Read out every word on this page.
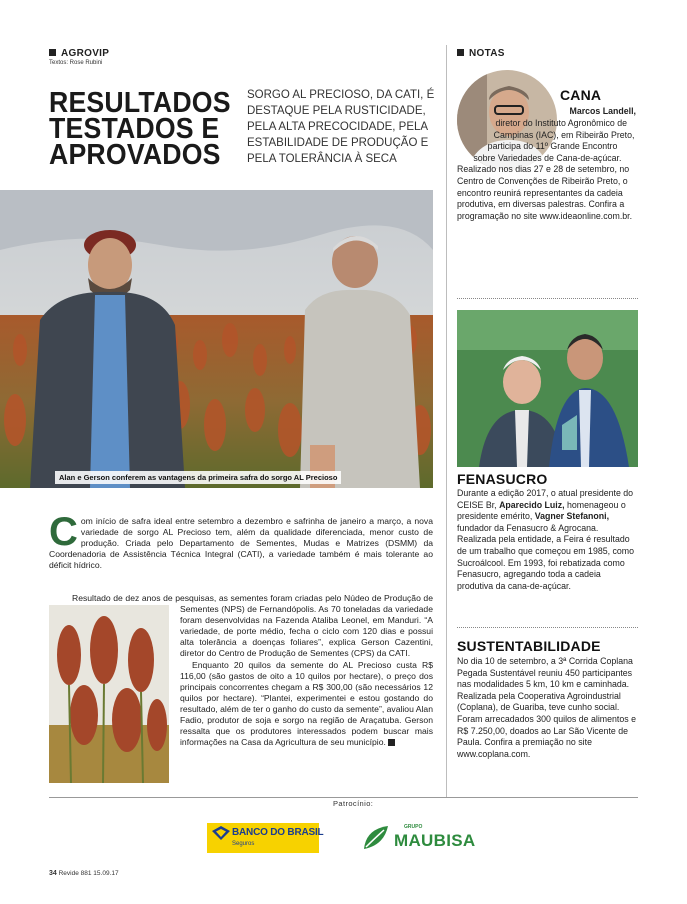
AGROVIP
Textos: Rose Rubini
NOTAS
RESULTADOS
TESTADOS E
APROVADOS
SORGO AL PRECIOSO, DA CATI, É DESTAQUE PELA RUSTICIDADE, PELA ALTA PRECOCIDADE, PELA ESTABILIDADE DE PRODUÇÃO E PELA TOLERÂNCIA À SECA
Alan e Gerson conferem as vantagens da primeira safra do sorgo AL Precioso

Com início de safra ideal entre setembro a dezembro e safrinha de janeiro a março, a nova variedade de sorgo AL Precioso tem, além da qualidade diferenciada, menor custo de produção. Criada pelo Departamento de Sementes, Mudas e Matrizes (DSMM) da Coordenadoria de Assistência Técnica Integral (CATI), a variedade também é mais tolerante ao déficit hídrico.

Resultado de dez anos de pesquisas, as sementes foram criadas pelo Núdeo de Produção de Sementes (NPS) de Fernandópolis. As 70 toneladas da variedade foram desenvolvidas na Fazenda Ataliba Leonel, em Manduri. “A variedade, de porte médio, fecha o ciclo com 120 dias e possui alta tolerância a doenças foliares”, explica Gerson Cazentini, diretor do Centro de Produção de Sementes (CPS) da CATI.

Enquanto 20 quilos da semente do AL Precioso custa R$ 116,00 (são gastos de oito a 10 quilos por hectare), o preço dos principais concorrentes chegam a R$ 300,00 (são necessários 12 quilos por hectare). “Plantei, experimentei e estou gostando do resultado, além de ter o ganho do custo da semente”, avaliou Alan Fadio, produtor de soja e sorgo na região de Araçatuba. Gerson ressalta que os produtores interessados podem buscar mais informações na Casa da Agricultura de seu município.

CANA
Marcos Landell,
diretor do Instituto Agronômico de Campinas (IAC), em Ribeirão Preto, participa do 11º Grande Encontro sobre Variedades de Cana-de-açúcar. Realizado nos dias 27 e 28 de setembro, no Centro de Convenções de Ribeirão Preto, o encontro reunirá representantes da cadeia produtiva, em diversas palestras. Confira a programação no site www.ideaonline.com.br.
FENASUCRO
Durante a edição 2017, o atual presidente do CEISE Br, Aparecido Luiz, homenageou o presidente emérito, Vagner Stefanoni, fundador da Fenasucro & Agrocana. Realizada pela entidade, a Feira é resultado de um trabalho que começou em 1985, como Sucroálcool. Em 1993, foi rebatizada como Fenasucro, agregando toda a cadeia produtiva da cana-de-açúcar.
SUSTENTABILIDADE
No dia 10 de setembro, a 3ª Corrida Coplana Pegada Sustentável reuniu 450 participantes nas modalidades 5 km, 10 km e caminhada. Realizada pela Cooperativa Agroindustrial (Coplana), de Guariba, teve cunho social. Foram arrecadados 300 quilos de alimentos e R$ 7.250,00, doados ao Lar São Vicente de Paula. Confira a premiação no site www.coplana.com.
Patrocínio:
BANCO DO BRASIL
Seguros
GRUPO
MAUBISA
34 Revide 881 15.09.17
